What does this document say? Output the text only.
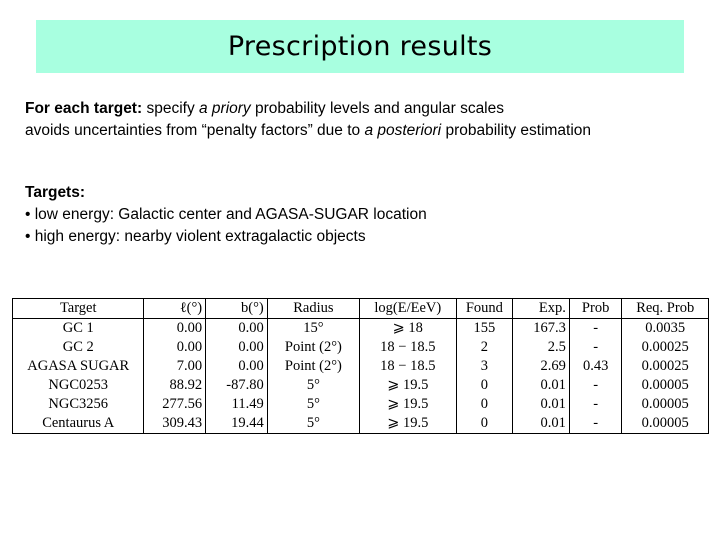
Prescription results
For each target: specify a priory probability levels and angular scales
avoids uncertainties from “penalty factors” due to a posteriori probability estimation
Targets:
• low energy: Galactic center and AGASA-SUGAR location
• high energy: nearby violent extragalactic objects
Target	ℓ(°)	b(°)	Radius	log(E/EeV)	Found	Exp.	Prob	Req. Prob
GC 1	0.00	0.00	15°	⩾ 18	155	167.3	-	0.0035
GC 2	0.00	0.00	Point (2°)	18 − 18.5	2	2.5	-	0.00025
AGASA SUGAR	7.00	0.00	Point (2°)	18 − 18.5	3	2.69	0.43	0.00025
NGC0253	88.92	-87.80	5°	⩾ 19.5	0	0.01	-	0.00005
NGC3256	277.56	11.49	5°	⩾ 19.5	0	0.01	-	0.00005
Centaurus A	309.43	19.44	5°	⩾ 19.5	0	0.01	-	0.00005
